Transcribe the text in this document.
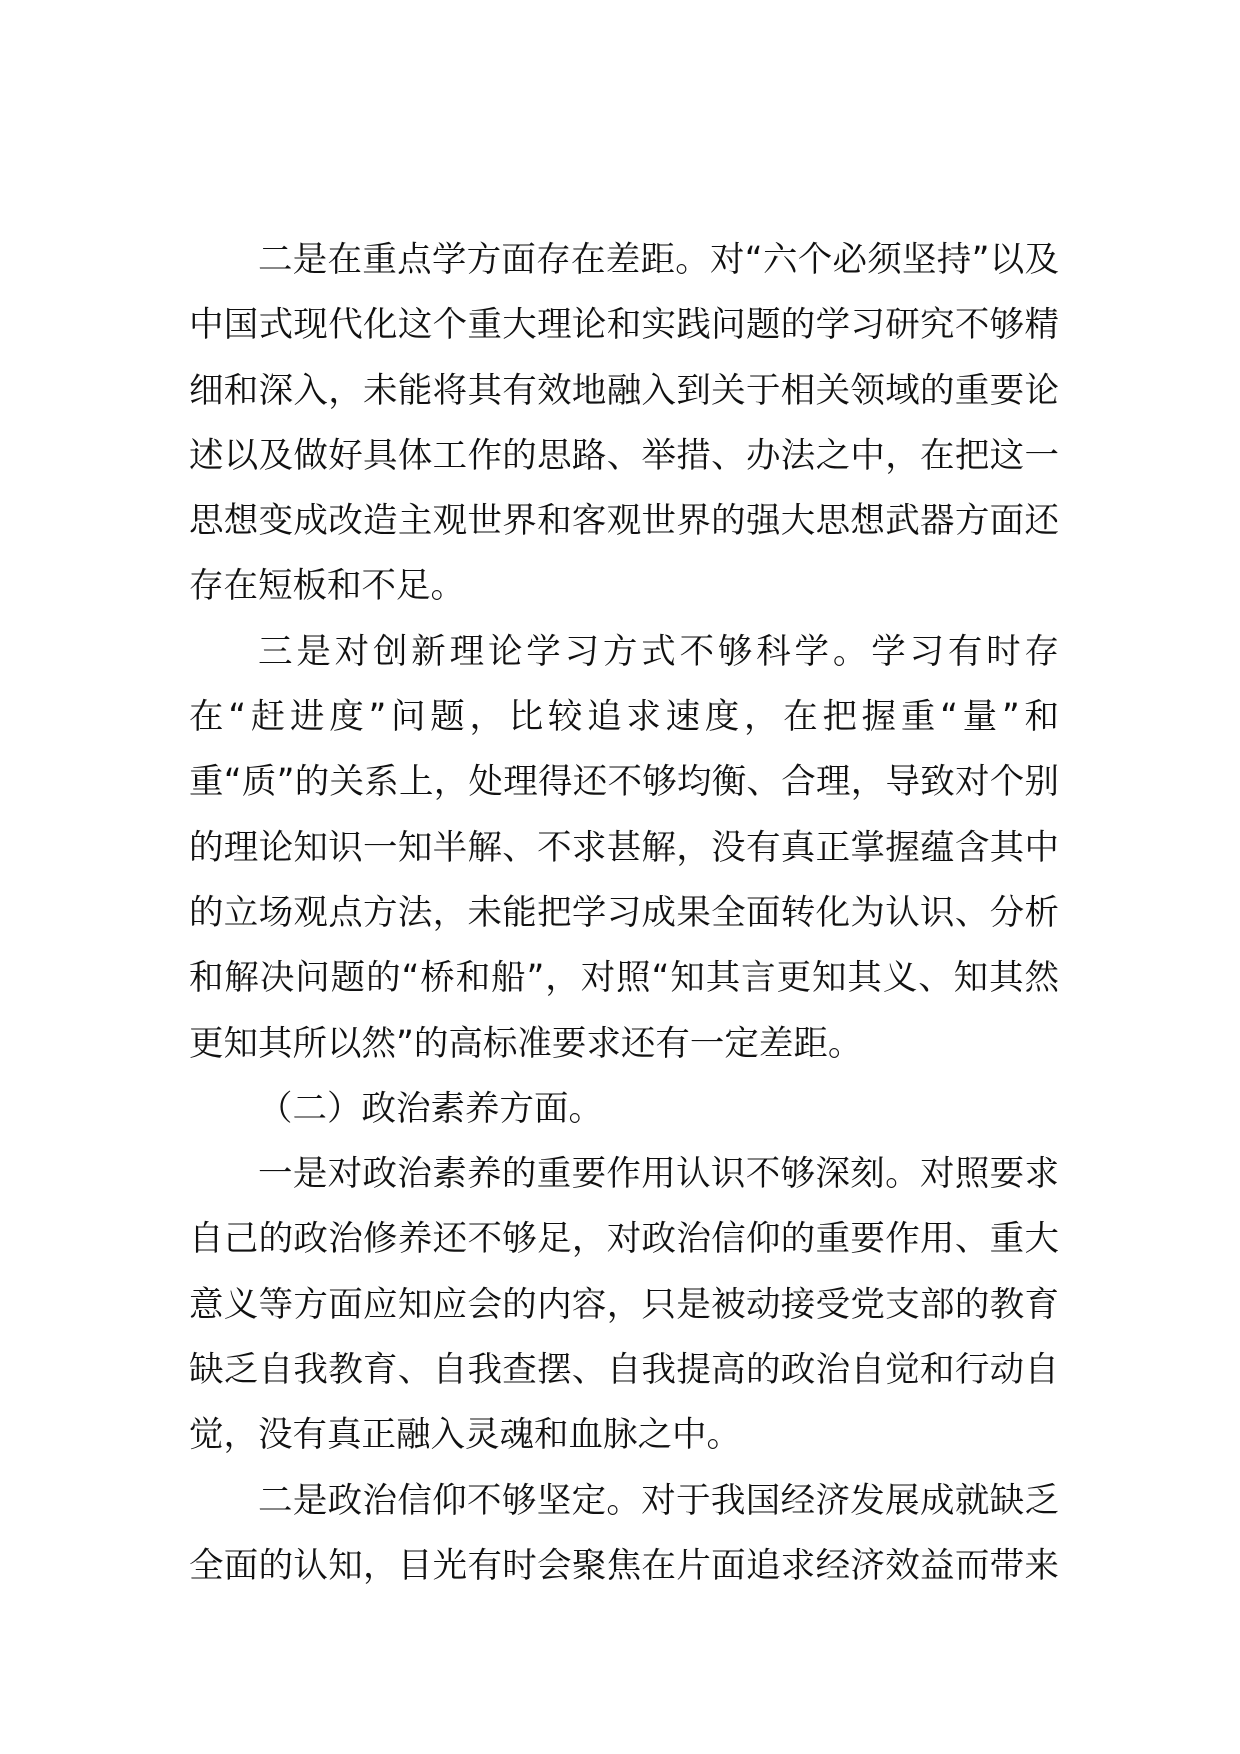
二是在重点学方面存在差距。对“六个必须坚持”以及中国式现代化这个重大理论和实践问题的学习研究不够精细和深入，未能将其有效地融入到关于相关领域的重要论述以及做好具体工作的思路、举措、办法之中，在把这一思想变成改造主观世界和客观世界的强大思想武器方面还存在短板和不足。

三是对创新理论学习方式不够科学。学习有时存在“赶进度”问题，比较追求速度，在把握重“量”和重“质”的关系上，处理得还不够均衡、合理，导致对个别的理论知识一知半解、不求甚解，没有真正掌握蕴含其中的立场观点方法，未能把学习成果全面转化为认识、分析和解决问题的“桥和船”，对照“知其言更知其义、知其然更知其所以然”的高标准要求还有一定差距。

（二）政治素养方面。

一是对政治素养的重要作用认识不够深刻。对照要求自己的政治修养还不够足，对政治信仰的重要作用、重大意义等方面应知应会的内容，只是被动接受党支部的教育缺乏自我教育、自我查摆、自我提高的政治自觉和行动自觉，没有真正融入灵魂和血脉之中。

二是政治信仰不够坚定。对于我国经济发展成就缺乏全面的认知，目光有时会聚焦在片面追求经济效益而带来
